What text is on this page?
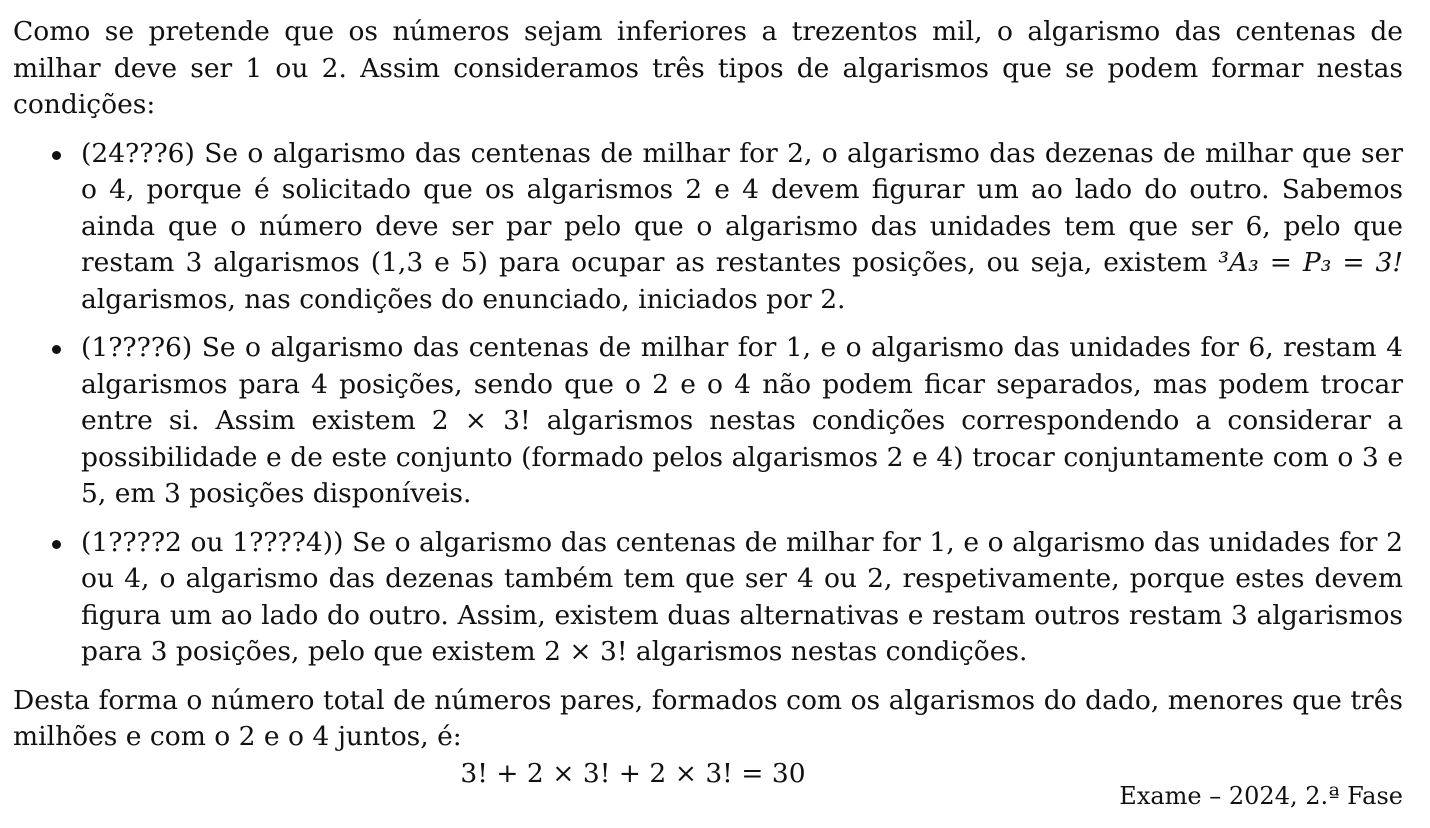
Como se pretende que os números sejam inferiores a trezentos mil, o algarismo das centenas de milhar deve ser 1 ou 2. Assim consideramos três tipos de algarismos que se podem formar nestas condições:

(24???6) Se o algarismo das centenas de milhar for 2, o algarismo das dezenas de milhar que ser o 4, porque é solicitado que os algarismos 2 e 4 devem figurar um ao lado do outro. Sabemos ainda que o número deve ser par pelo que o algarismo das unidades tem que ser 6, pelo que restam 3 algarismos (1,3 e 5) para ocupar as restantes posições, ou seja, existem ³A₃ = P₃ = 3! algarismos, nas condições do enunciado, iniciados por 2.
(1????6) Se o algarismo das centenas de milhar for 1, e o algarismo das unidades for 6, restam 4 algarismos para 4 posições, sendo que o 2 e o 4 não podem ficar separados, mas podem trocar entre si. Assim existem 2 × 3! algarismos nestas condições correspondendo a considerar a possibilidade e de este conjunto (formado pelos algarismos 2 e 4) trocar conjuntamente com o 3 e 5, em 3 posições disponíveis.
(1????2 ou 1????4)) Se o algarismo das centenas de milhar for 1, e o algarismo das unidades for 2 ou 4, o algarismo das dezenas também tem que ser 4 ou 2, respetivamente, porque estes devem figura um ao lado do outro. Assim, existem duas alternativas e restam outros restam 3 algarismos para 3 posições, pelo que existem 2 × 3! algarismos nestas condições.

Desta forma o número total de números pares, formados com os algarismos do dado, menores que três milhões e com o 2 e o 4 juntos, é:

3! + 2 × 3! + 2 × 3! = 30
Exame – 2024, 2.ª Fase
